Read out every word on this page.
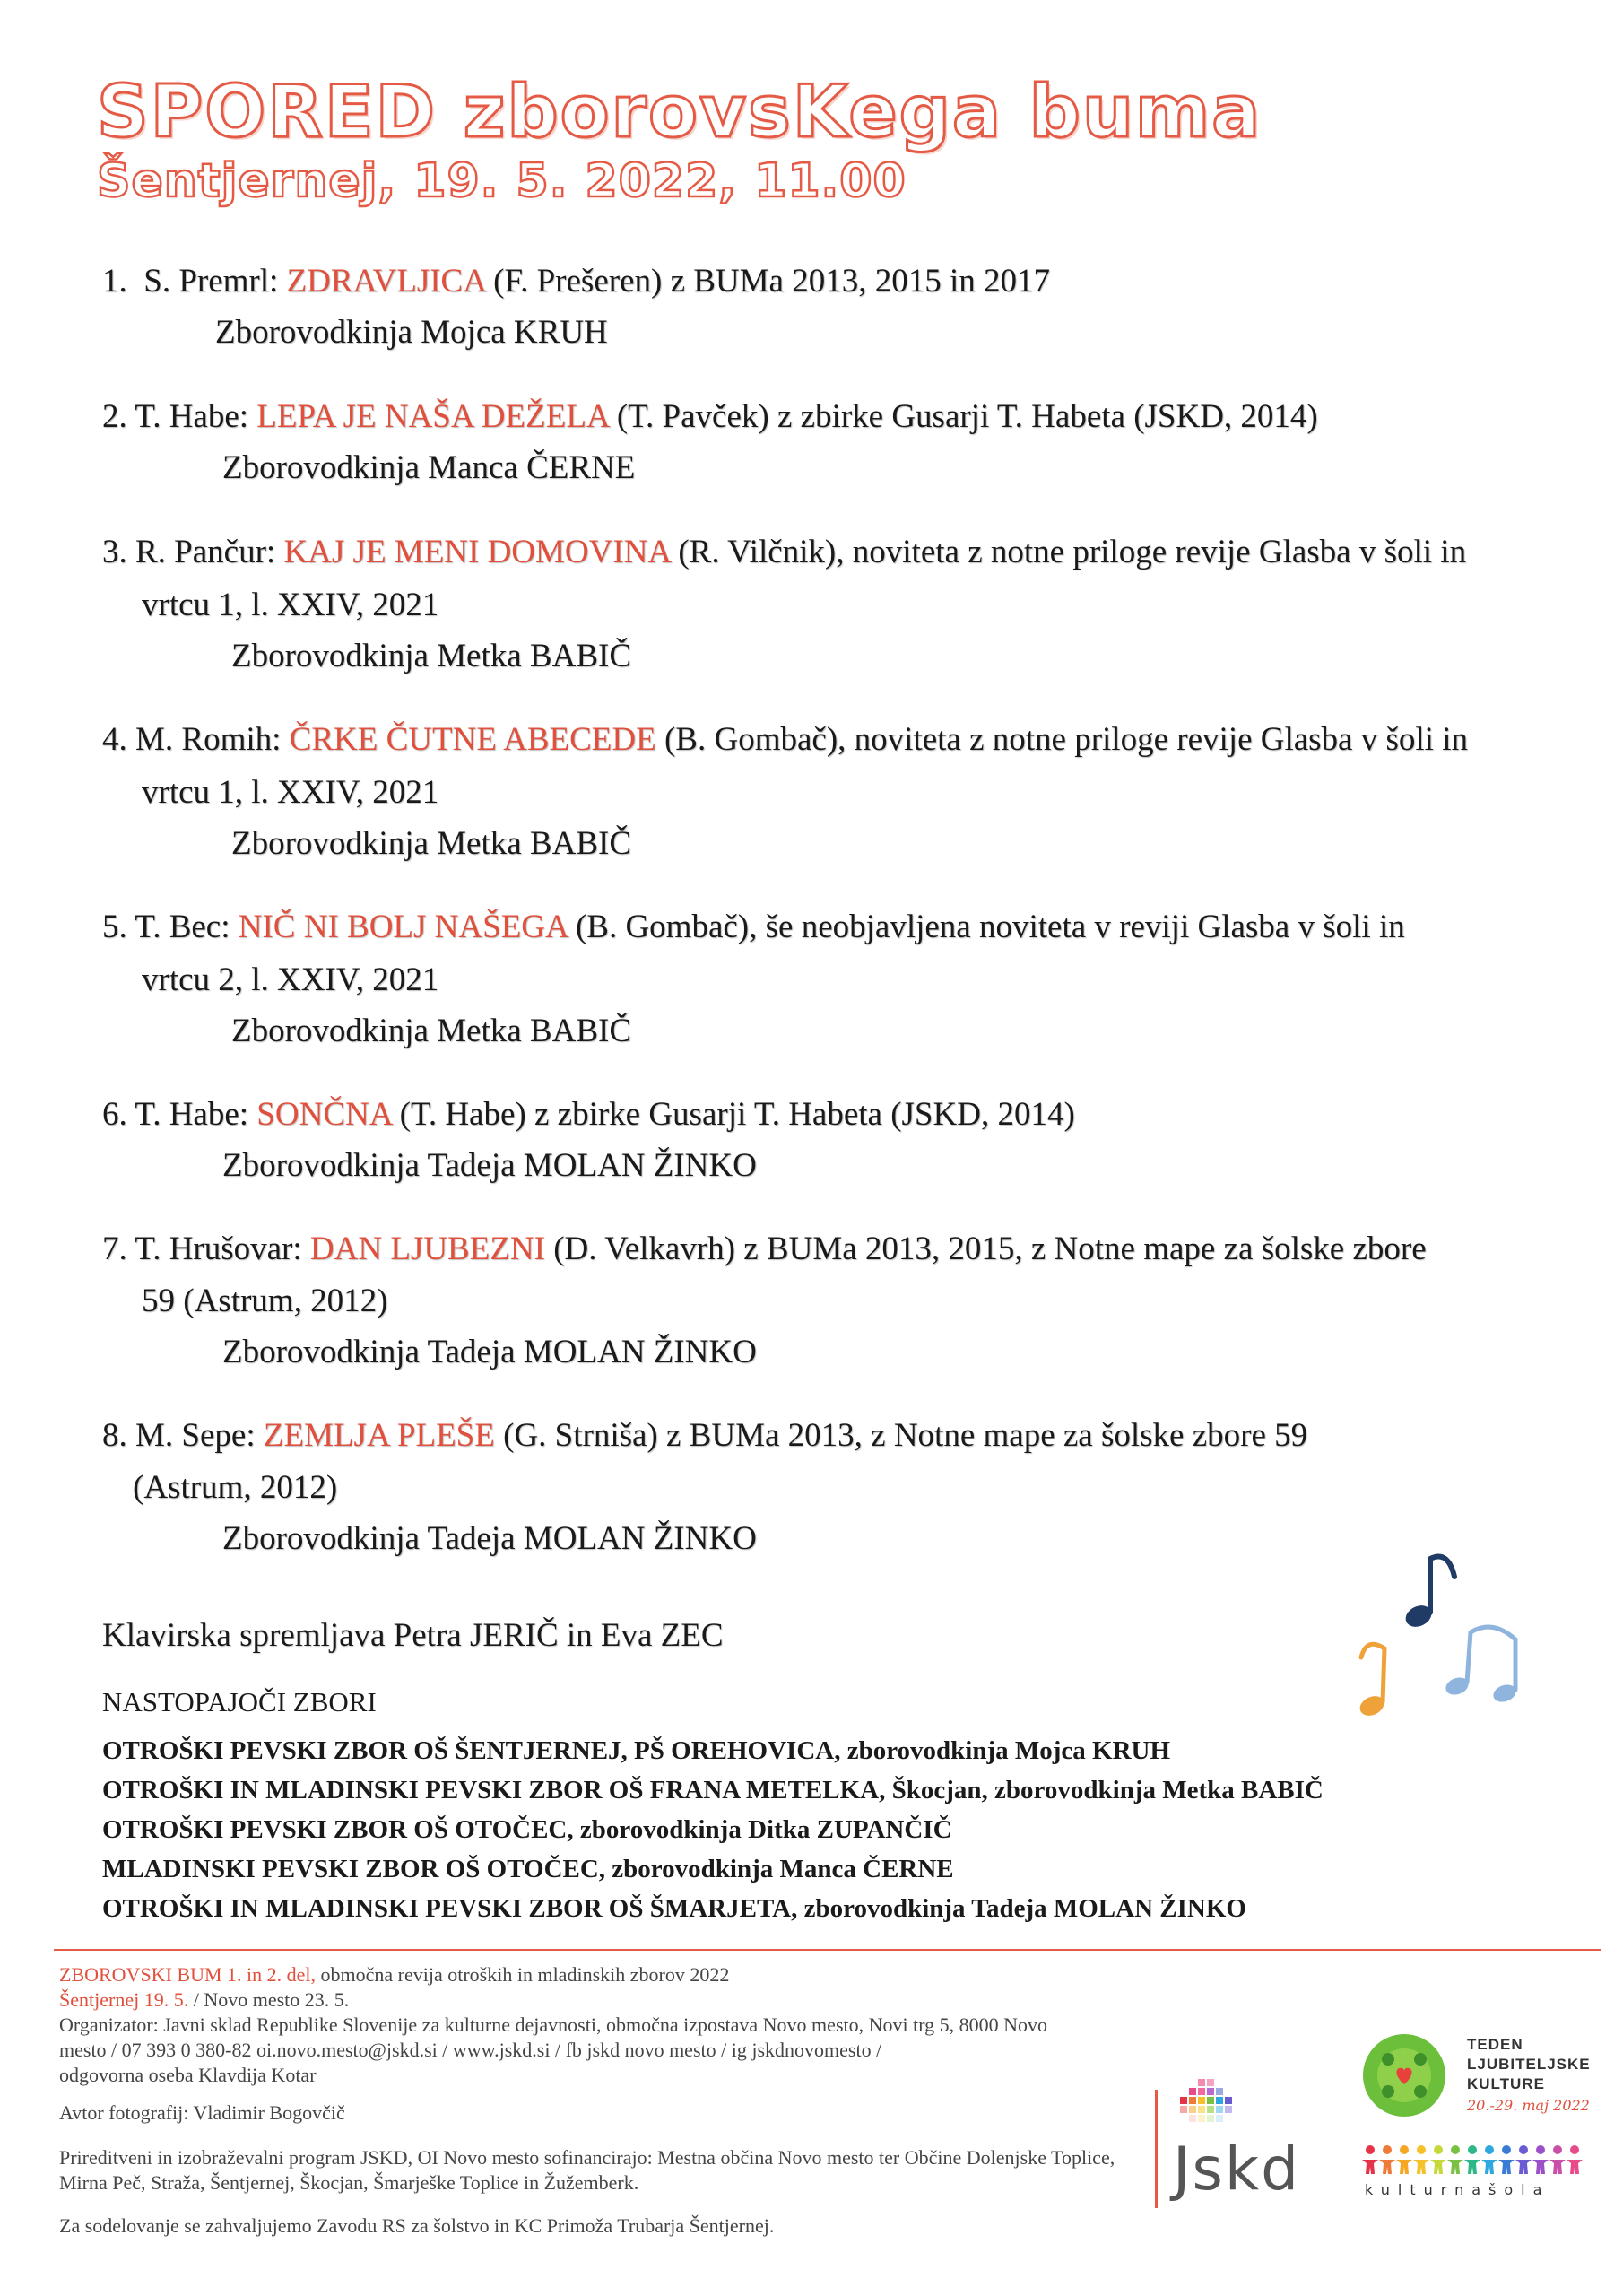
SPORED zborovsKega buma
Šentjernej, 19. 5. 2022, 11.00
1. S. Premrl: ZDRAVLJICA (F. Prešeren) z BUMa 2013, 2015 in 2017
Zborovodkinja Mojca KRUH
2. T. Habe: LEPA JE NAŠA DEŽELA (T. Pavček) z zbirke Gusarji T. Habeta (JSKD, 2014)
Zborovodkinja Manca ČERNE
3. R. Pančur: KAJ JE MENI DOMOVINA (R. Vilčnik), noviteta z notne priloge revije Glasba v šoli in
vrtcu 1, l. XXIV, 2021
Zborovodkinja Metka BABIČ
4. M. Romih: ČRKE ČUTNE ABECEDE (B. Gombač), noviteta z notne priloge revije Glasba v šoli in
vrtcu 1, l. XXIV, 2021
Zborovodkinja Metka BABIČ
5. T. Bec: NIČ NI BOLJ NAŠEGA (B. Gombač), še neobjavljena noviteta v reviji Glasba v šoli in
vrtcu 2, l. XXIV, 2021
Zborovodkinja Metka BABIČ
6. T. Habe: SONČNA (T. Habe) z zbirke Gusarji T. Habeta (JSKD, 2014)
Zborovodkinja Tadeja MOLAN ŽINKO
7. T. Hrušovar: DAN LJUBEZNI (D. Velkavrh) z BUMa 2013, 2015, z Notne mape za šolske zbore
59 (Astrum, 2012)
Zborovodkinja Tadeja MOLAN ŽINKO
8. M. Sepe: ZEMLJA PLEŠE (G. Strniša) z BUMa 2013, z Notne mape za šolske zbore 59
(Astrum, 2012)
Zborovodkinja Tadeja MOLAN ŽINKO
Klavirska spremljava Petra JERIČ in Eva ZEC
NASTOPAJOČI ZBORI
OTROŠKI PEVSKI ZBOR OŠ ŠENTJERNEJ, PŠ OREHOVICA, zborovodkinja Mojca KRUH
OTROŠKI IN MLADINSKI PEVSKI ZBOR OŠ FRANA METELKA, Škocjan, zborovodkinja Metka BABIČ
OTROŠKI PEVSKI ZBOR OŠ OTOČEC, zborovodkinja Ditka ZUPANČIČ
MLADINSKI PEVSKI ZBOR OŠ OTOČEC, zborovodkinja Manca ČERNE
OTROŠKI IN MLADINSKI PEVSKI ZBOR OŠ ŠMARJETA, zborovodkinja Tadeja MOLAN ŽINKO
ZBOROVSKI BUM 1. in 2. del, območna revija otroških in mladinskih zborov 2022
Šentjernej 19. 5. / Novo mesto 23. 5.
Organizator: Javni sklad Republike Slovenije za kulturne dejavnosti, območna izpostava Novo mesto, Novi trg 5, 8000 Novo
mesto / 07 393 0 380-82 oi.novo.mesto@jskd.si / www.jskd.si / fb jskd novo mesto / ig jskdnovomesto /
odgovorna oseba Klavdija Kotar
Avtor fotografij: Vladimir Bogovčič
Prireditveni in izobraževalni program JSKD, OI Novo mesto sofinancirajo: Mestna občina Novo mesto ter Občine Dolenjske Toplice,
Mirna Peč, Straža, Šentjernej, Škocjan, Šmarješke Toplice in Žužemberk.
Za sodelovanje se zahvaljujemo Zavodu RS za šolstvo in KC Primoža Trubarja Šentjernej.
Jskd
TEDEN
LJUBITELJSKE
KULTURE
20.-29. maj 2022
kulturnašola
